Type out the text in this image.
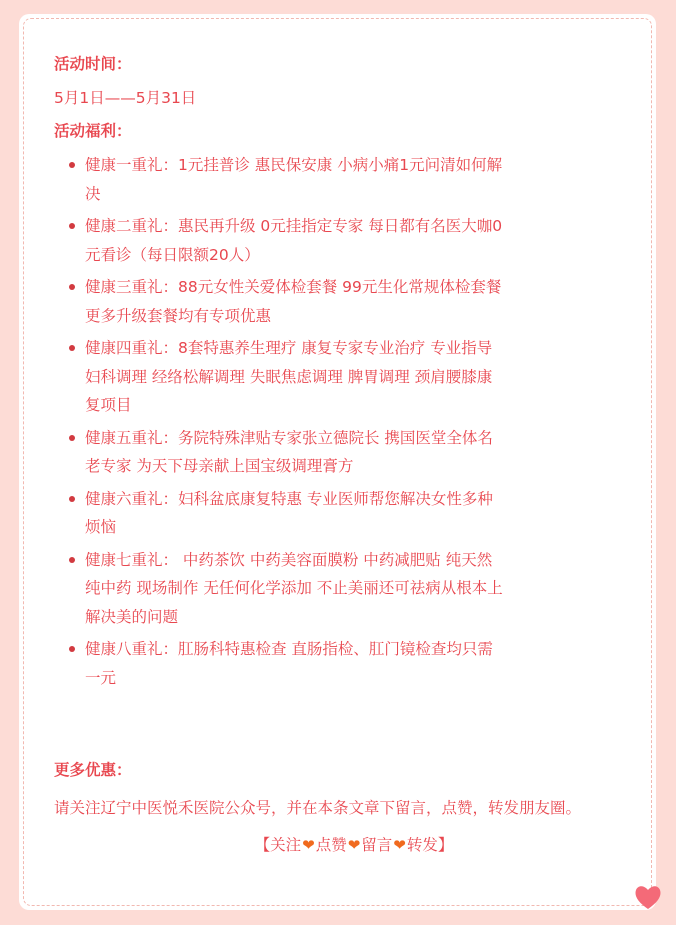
活动时间：

5月1日——5月31日

活动福利：

健康一重礼：1元挂普诊 惠民保安康 小病小痛1元问清如何解
决
健康二重礼：惠民再升级 0元挂指定专家 每日都有名医大咖0
元看诊（每日限额20人）
健康三重礼：88元女性关爱体检套餐 99元生化常规体检套餐
更多升级套餐均有专项优惠
健康四重礼：8套特惠养生理疗 康复专家专业治疗 专业指导
妇科调理 经络松解调理 失眠焦虑调理 脾胃调理 颈肩腰膝康
复项目
健康五重礼：务院特殊津贴专家张立德院长 携国医堂全体名
老专家 为天下母亲献上国宝级调理膏方
健康六重礼：妇科盆底康复特惠 专业医师帮您解决女性多种
烦恼
健康七重礼： 中药茶饮 中药美容面膜粉 中药减肥贴 纯天然
纯中药 现场制作 无任何化学添加 不止美丽还可祛病从根本上
解决美的问题
健康八重礼：肛肠科特惠检查 直肠指检、肛门镜检查均只需
一元

更多优惠：

请关注辽宁中医悦禾医院公众号，并在本条文章下留言，点赞，转发朋友圈。

【关注❤点赞❤留言❤转发】
